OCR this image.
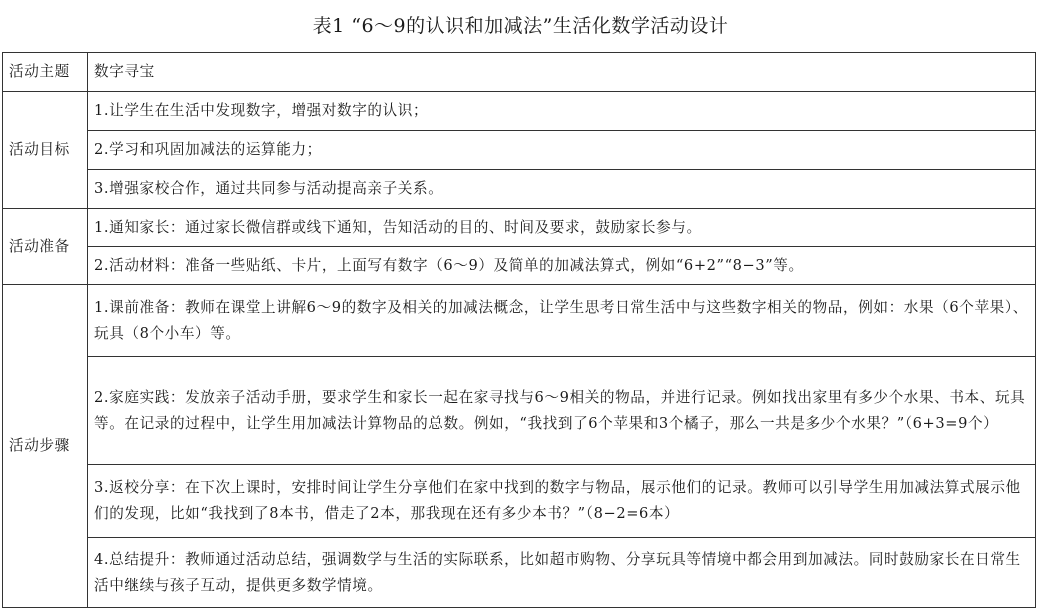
表1 “6～9的认识和加减法”生活化数学活动设计
活动主题	数字寻宝
活动目标	1.让学生在生活中发现数字，增强对数字的认识；
	2.学习和巩固加减法的运算能力；
	3.增强家校合作，通过共同参与活动提高亲子关系。
活动准备	1.通知家长：通过家长微信群或线下通知，告知活动的目的、时间及要求，鼓励家长参与。
	2.活动材料：准备一些贴纸、卡片，上面写有数字（6～9）及简单的加减法算式，例如“6+2”“8−3”等。
活动步骤	1.课前准备：教师在课堂上讲解6～9的数字及相关的加减法概念，让学生思考日常生活中与这些数字相关的物品，例如：水果（6个苹果）、玩具（8个小车）等。
	2.家庭实践：发放亲子活动手册，要求学生和家长一起在家寻找与6～9相关的物品，并进行记录。例如找出家里有多少个水果、书本、玩具等。在记录的过程中，让学生用加减法计算物品的总数。例如，“我找到了6个苹果和3个橘子，那么一共是多少个水果？”（6+3=9个）
	3.返校分享：在下次上课时，安排时间让学生分享他们在家中找到的数字与物品，展示他们的记录。教师可以引导学生用加减法算式展示他们的发现，比如“我找到了8本书，借走了2本，那我现在还有多少本书？”（8−2=6本）
	4.总结提升：教师通过活动总结，强调数学与生活的实际联系，比如超市购物、分享玩具等情境中都会用到加减法。同时鼓励家长在日常生活中继续与孩子互动，提供更多数学情境。
